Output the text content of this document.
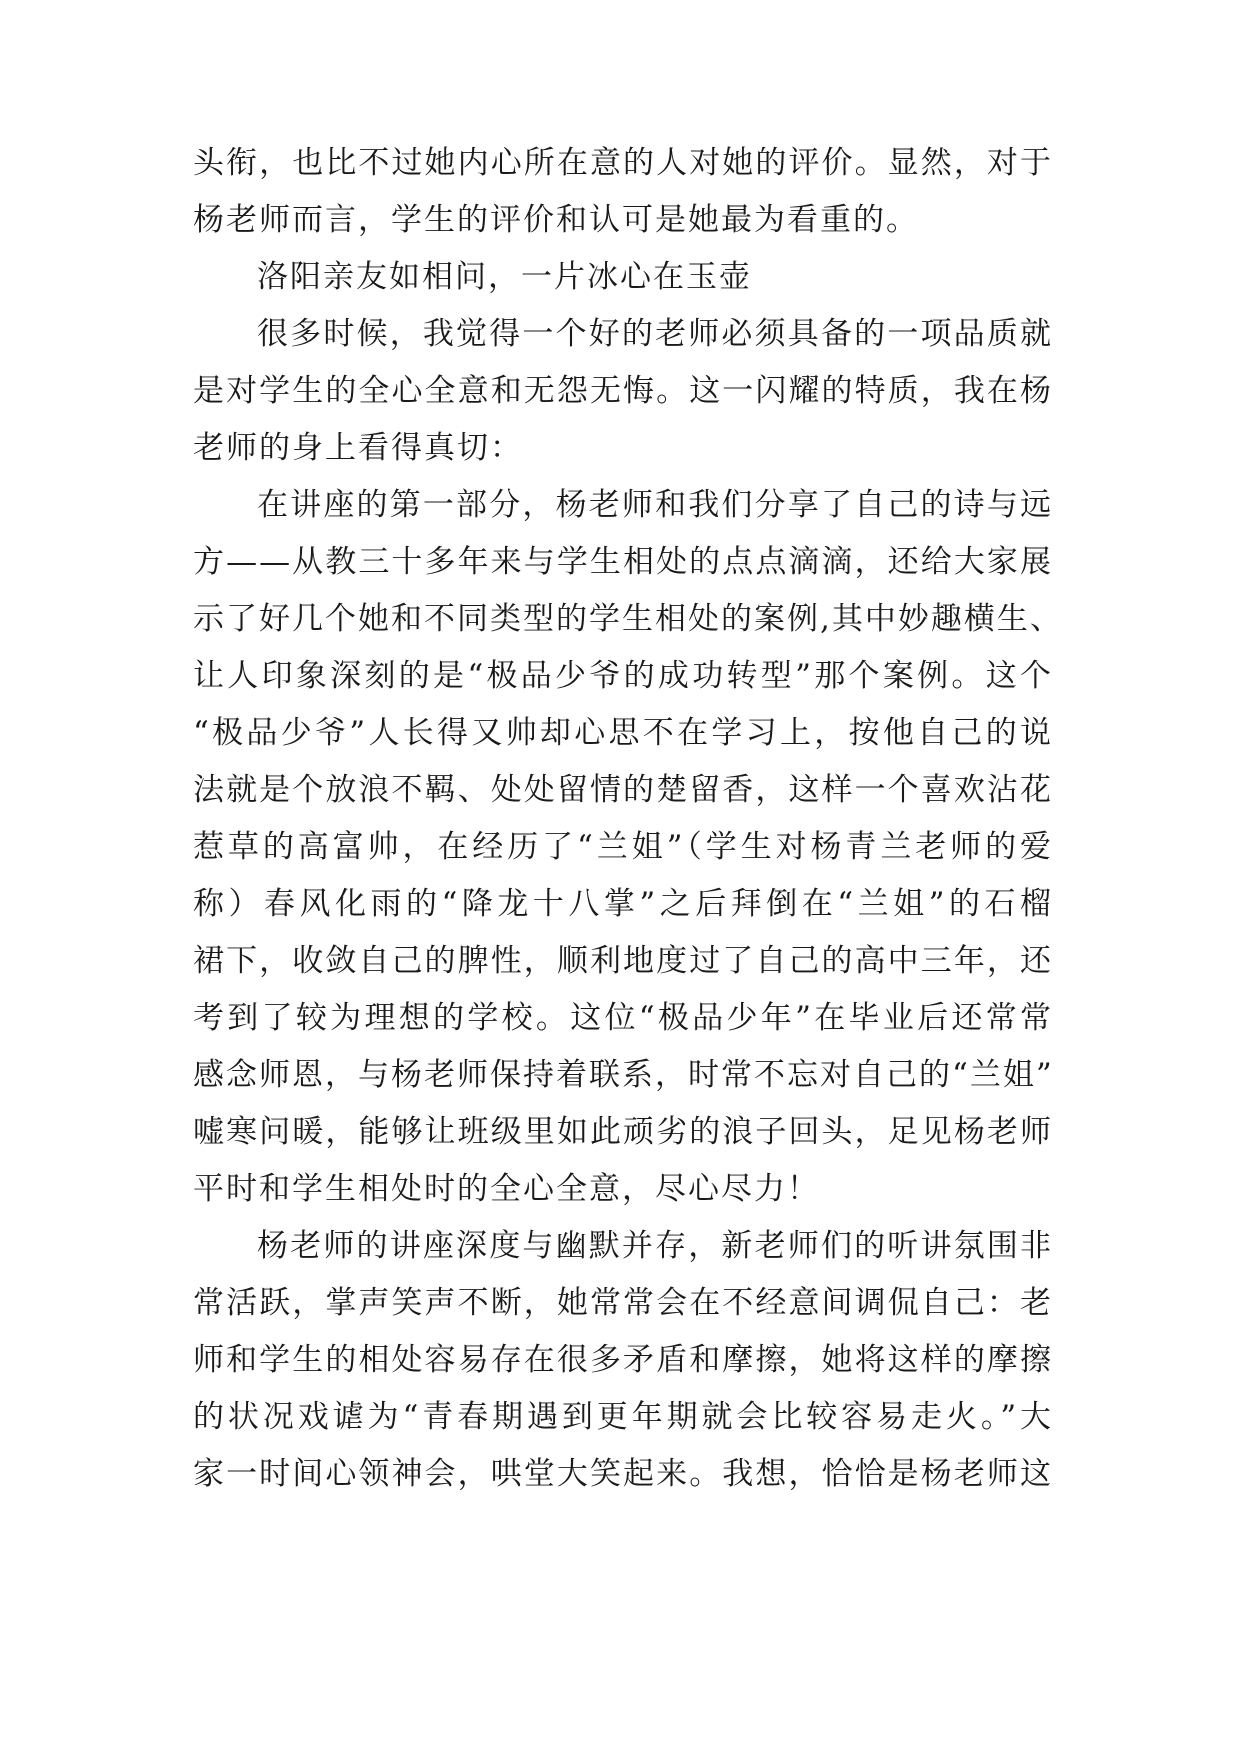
头衔，也比不过她内心所在意的人对她的评价。显然，对于
杨老师而言，学生的评价和认可是她最为看重的。
洛阳亲友如相问，一片冰心在玉壶
很多时候，我觉得一个好的老师必须具备的一项品质就
是对学生的全心全意和无怨无悔。这一闪耀的特质，我在杨
老师的身上看得真切：
在讲座的第一部分，杨老师和我们分享了自己的诗与远
方——从教三十多年来与学生相处的点点滴滴，还给大家展
示了好几个她和不同类型的学生相处的案例,其中妙趣横生、
让人印象深刻的是“极品少爷的成功转型”那个案例。这个
“极品少爷”人长得又帅却心思不在学习上，按他自己的说
法就是个放浪不羁、处处留情的楚留香，这样一个喜欢沾花
惹草的高富帅，在经历了“兰姐”（学生对杨青兰老师的爱
称）春风化雨的“降龙十八掌”之后拜倒在“兰姐”的石榴
裙下，收敛自己的脾性，顺利地度过了自己的高中三年，还
考到了较为理想的学校。这位“极品少年”在毕业后还常常
感念师恩，与杨老师保持着联系，时常不忘对自己的“兰姐”
嘘寒问暖，能够让班级里如此顽劣的浪子回头，足见杨老师
平时和学生相处时的全心全意，尽心尽力！
杨老师的讲座深度与幽默并存，新老师们的听讲氛围非
常活跃，掌声笑声不断，她常常会在不经意间调侃自己：老
师和学生的相处容易存在很多矛盾和摩擦，她将这样的摩擦
的状况戏谑为“青春期遇到更年期就会比较容易走火。”大
家一时间心领神会，哄堂大笑起来。我想，恰恰是杨老师这
